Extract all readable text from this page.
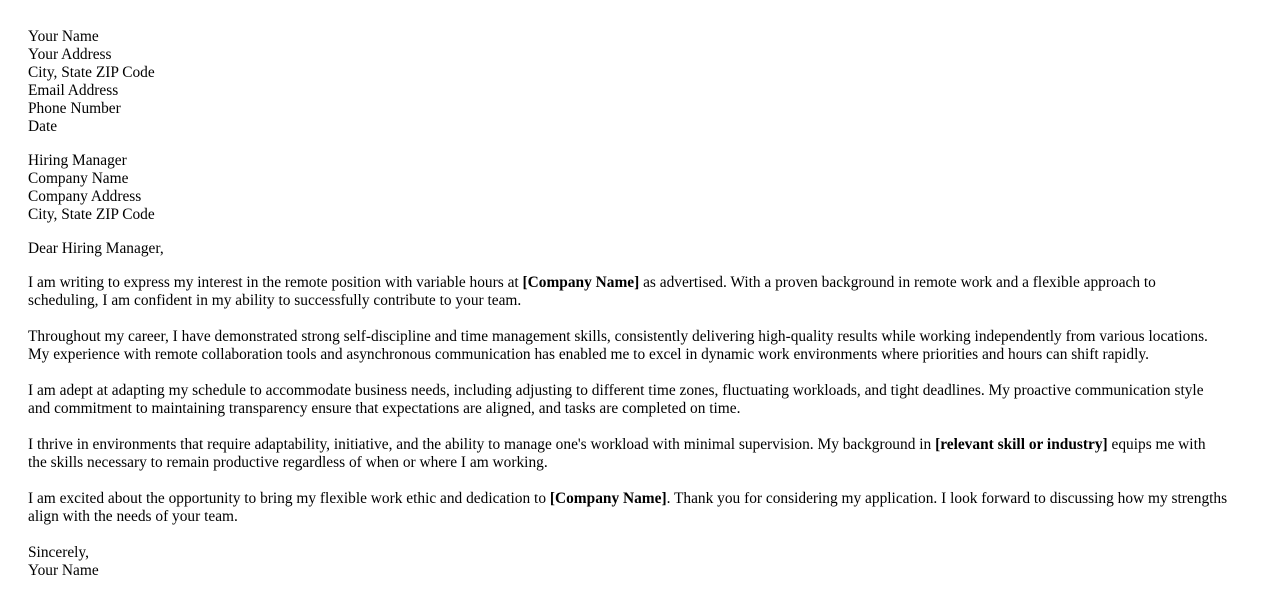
Your Name
Your Address
City, State ZIP Code
Email Address
Phone Number
Date
Hiring Manager
Company Name
Company Address
City, State ZIP Code
Dear Hiring Manager,

I am writing to express my interest in the remote position with variable hours at [Company Name] as advertised. With a proven background in remote work and a flexible approach to scheduling, I am confident in my ability to successfully contribute to your team.

Throughout my career, I have demonstrated strong self-discipline and time management skills, consistently delivering high-quality results while working independently from various locations. My experience with remote collaboration tools and asynchronous communication has enabled me to excel in dynamic work environments where priorities and hours can shift rapidly.

I am adept at adapting my schedule to accommodate business needs, including adjusting to different time zones, fluctuating workloads, and tight deadlines. My proactive communication style and commitment to maintaining transparency ensure that expectations are aligned, and tasks are completed on time.

I thrive in environments that require adaptability, initiative, and the ability to manage one's workload with minimal supervision. My background in [relevant skill or industry] equips me with the skills necessary to remain productive regardless of when or where I am working.

I am excited about the opportunity to bring my flexible work ethic and dedication to [Company Name]. Thank you for considering my application. I look forward to discussing how my strengths align with the needs of your team.

Sincerely,
Your Name
